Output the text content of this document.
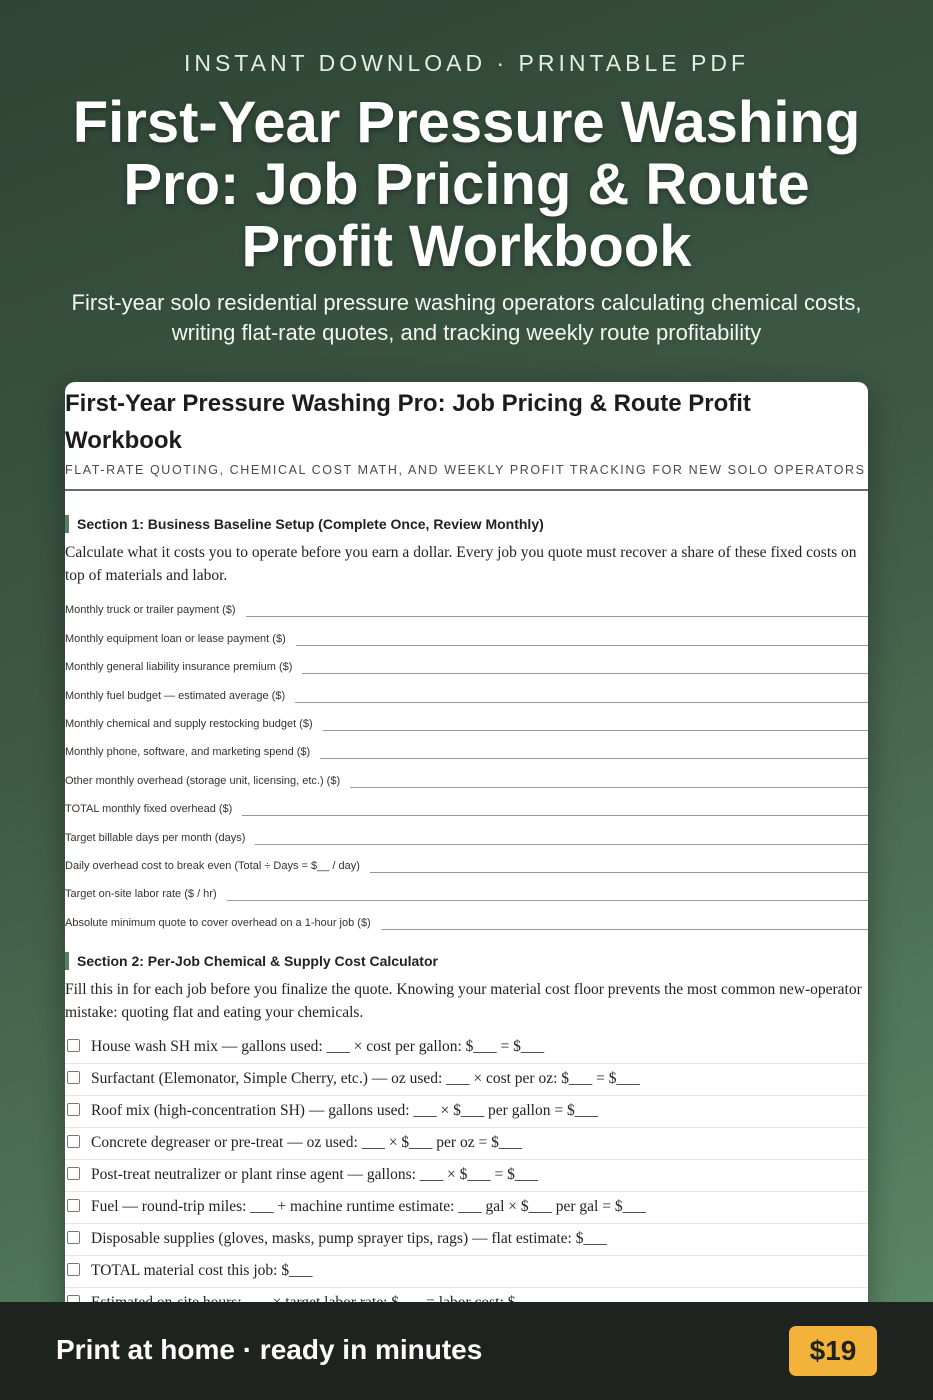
INSTANT DOWNLOAD · PRINTABLE PDF
First-Year Pressure Washing Pro: Job Pricing & Route Profit Workbook
First-year solo residential pressure washing operators calculating chemical costs, writing flat-rate quotes, and tracking weekly route profitability
First-Year Pressure Washing Pro: Job Pricing & Route Profit Workbook
FLAT-RATE QUOTING, CHEMICAL COST MATH, AND WEEKLY PROFIT TRACKING FOR NEW SOLO OPERATORS
Section 1: Business Baseline Setup (Complete Once, Review Monthly)
Calculate what it costs you to operate before you earn a dollar. Every job you quote must recover a share of these fixed costs on top of materials and labor.
Monthly truck or trailer payment ($)
Monthly equipment loan or lease payment ($)
Monthly general liability insurance premium ($)
Monthly fuel budget — estimated average ($)
Monthly chemical and supply restocking budget ($)
Monthly phone, software, and marketing spend ($)
Other monthly overhead (storage unit, licensing, etc.) ($)
TOTAL monthly fixed overhead ($)
Target billable days per month (days)
Daily overhead cost to break even (Total ÷ Days = $__ / day)
Target on-site labor rate ($ / hr)
Absolute minimum quote to cover overhead on a 1-hour job ($)
Section 2: Per-Job Chemical & Supply Cost Calculator
Fill this in for each job before you finalize the quote. Knowing your material cost floor prevents the most common new-operator mistake: quoting flat and eating your chemicals.
House wash SH mix — gallons used: ___ × cost per gallon: $___ = $___
Surfactant (Elemonator, Simple Cherry, etc.) — oz used: ___ × cost per oz: $___ = $___
Roof mix (high-concentration SH) — gallons used: ___ × $___ per gallon = $___
Concrete degreaser or pre-treat — oz used: ___ × $___ per oz = $___
Post-treat neutralizer or plant rinse agent — gallons: ___ × $___ = $___
Fuel — round-trip miles: ___ + machine runtime estimate: ___ gal × $___ per gal = $___
Disposable supplies (gloves, masks, pump sprayer tips, rags) — flat estimate: $___
TOTAL material cost this job: $___
Print at home · ready in minutes	$19
